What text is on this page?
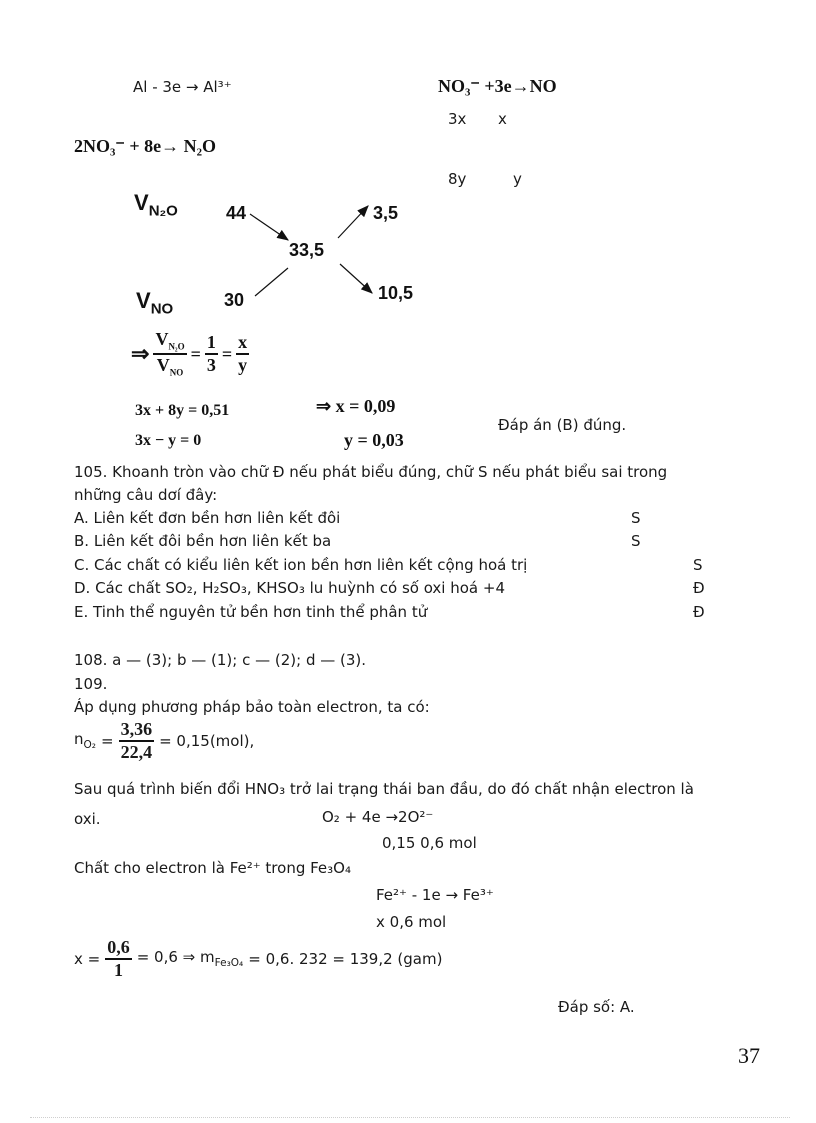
Al - 3e → Al³⁺	NO₃⁻ +3e→NO
3x x
2NO₃⁻ + 8e→ N₂O
8y	y
$V_{N_2O}$	44
33,5
3,5
$V_{NO}$	30	10,5
⇒ $\frac{V_{N_2O}}{V_{NO}} = \frac{1}{3} = \frac{x}{y}$
3x + 8y = 0,51
3x − y = 0
⇒ x = 0,09
y = 0,03
Đáp án (B) đúng.
105. Khoanh tròn vào chữ Đ nếu phát biểu đúng, chữ S nếu phát biểu sai trong
những câu dơí đây:
A. Liên kết đơn bền hơn liên kết đôi	S
B. Liên kết đôi bền hơn liên kết ba	S
C. Các chất có kiểu liên kết ion bền hơn liên kết cộng hoá trị	S
D. Các chất SO₂, H₂SO₃, KHSO₃ lu huỳnh có số oxi hoá +4	Đ
E. Tinh thể nguyên tử bền hơn tinh thể phân tử	Đ
108. a — (3); b — (1); c — (2); d — (3).
109.
Áp dụng phương pháp bảo toàn electron, ta có:
$n_{O_2} = \frac{3,36}{22,4} = 0,15(mol)$,
Sau quá trình biến đổi HNO₃ trở lai trạng thái ban đầu, do đó chất nhận electron là
oxi.	O₂ + 4e →2O²⁻
0,15 0,6 mol
Chất cho electron là Fe²⁺ trong Fe₃O₄
Fe²⁺ - 1e → Fe³⁺
x 0,6 mol
$x = \frac{0,6}{1} = 0,6$ ⇒ $m_{Fe_3O_4} = 0,6$. 232 = 139,2 (gam)
Đáp số: A.
37
